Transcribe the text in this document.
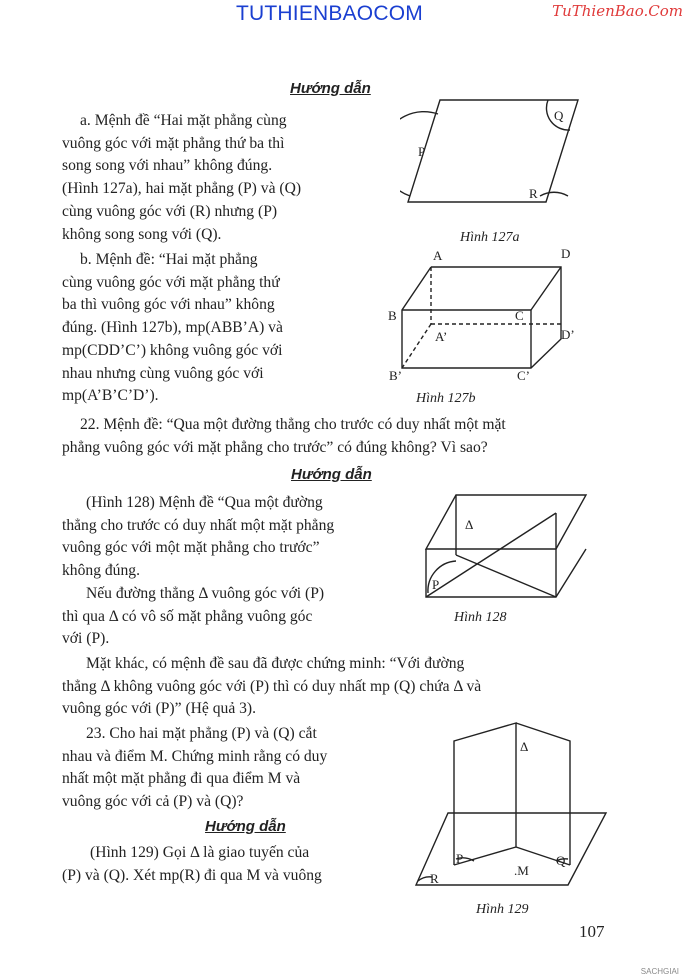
TUTHIENBAOCOM	TuThienBao.Com
Hướng dẫn
a. Mệnh đề “Hai mặt phẳng cùng
vuông góc với mặt phẳng thứ ba thì
song song với nhau” không đúng.
(Hình 127a), hai mặt phẳng (P) và (Q)
cùng vuông góc với (R) nhưng (P)
không song song với (Q).
b. Mệnh đề: “Hai mặt phẳng
cùng vuông góc với mặt phẳng thứ
ba thì vuông góc với nhau” không
đúng. (Hình 127b), mp(ABB’A) và
mp(CDD’C’) không vuông góc với
nhau nhưng cùng vuông góc với
mp(A’B’C’D’).
P
Q
R
Hình 127a
A	D
B	C
A’	D’
B’	C’
Hình 127b
22. Mệnh đề: “Qua một đường thẳng cho trước có duy nhất một mặt
phẳng vuông góc với mặt phẳng cho trước” có đúng không? Vì sao?
Hướng dẫn
(Hình 128) Mệnh đề “Qua một đường
thẳng cho trước có duy nhất một mặt phẳng
vuông góc với một mặt phẳng cho trước”
không đúng.
Nếu đường thẳng Δ vuông góc với (P)
thì qua Δ có vô số mặt phẳng vuông góc
với (P).
Δ
P
Hình 128
Mặt khác, có mệnh đề sau đã được chứng minh: “Với đường
thẳng Δ không vuông góc với (P) thì có duy nhất mp (Q) chứa Δ và
vuông góc với (P)” (Hệ quả 3).
23. Cho hai mặt phẳng (P) và (Q) cắt
nhau và điểm M. Chứng minh rằng có duy
nhất một mặt phẳng đi qua điểm M và
vuông góc với cả (P) và (Q)?
Hướng dẫn
(Hình 129) Gọi Δ là giao tuyến của
(P) và (Q). Xét mp(R) đi qua M và vuông
Δ
P	Q
R
.M
Hình 129
107
SACHGIAI
